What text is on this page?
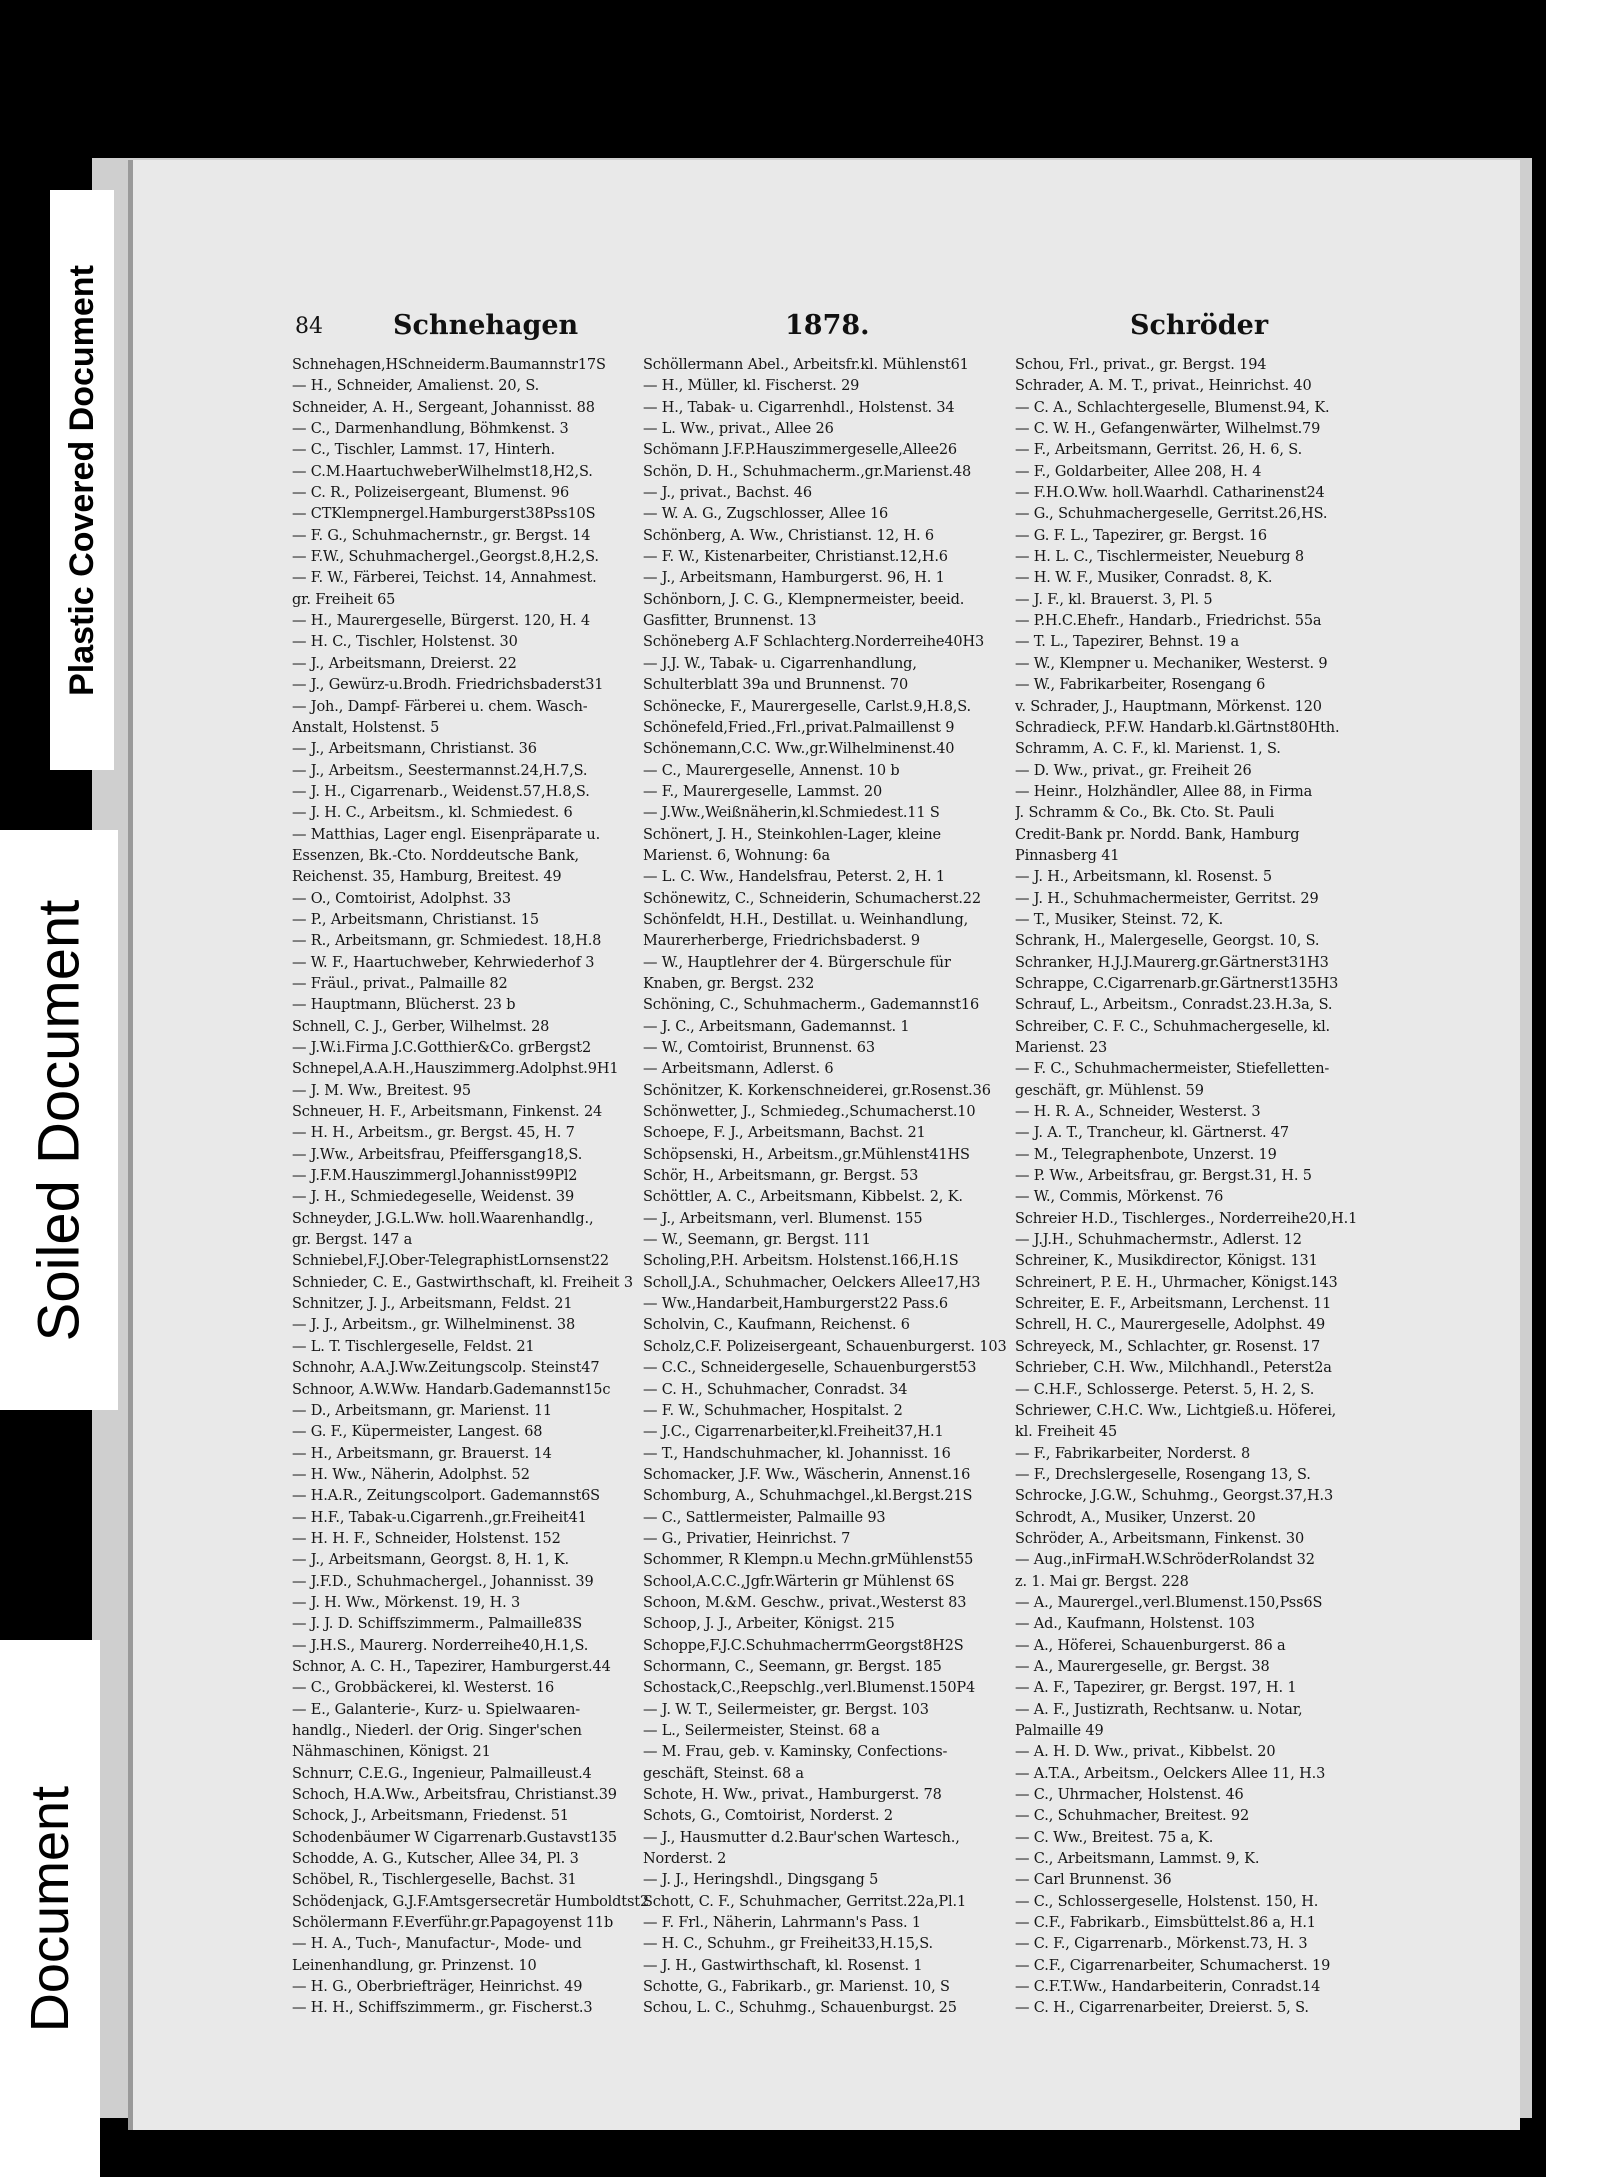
Plastic Covered Document
Soiled Document
Document
84	Schnehagen	1878.	Schröder
Schnehagen,HSchneiderm.Baumannstr17S
— H., Schneider, Amalienst. 20, S.
Schneider, A. H., Sergeant, Johannisst. 88
— C., Darmenhandlung, Böhmkenst. 3
— C., Tischler, Lammst. 17, Hinterh.
— C.M.HaartuchweberWilhelmst18,H2,S.
— C. R., Polizeisergeant, Blumenst. 96
— CTKlempnergel.Hamburgerst38Pss10S
— F. G., Schuhmachernstr., gr. Bergst. 14
— F.W., Schuhmachergel.,Georgst.8,H.2,S.
— F. W., Färberei, Teichst. 14, Annahmest.
gr. Freiheit 65
— H., Maurergeselle, Bürgerst. 120, H. 4
— H. C., Tischler, Holstenst. 30
— J., Arbeitsmann, Dreierst. 22
— J., Gewürz-u.Brodh. Friedrichsbaderst31
— Joh., Dampf- Färberei u. chem. Wasch-
Anstalt, Holstenst. 5
— J., Arbeitsmann, Christianst. 36
— J., Arbeitsm., Seestermannst.24,H.7,S.
— J. H., Cigarrenarb., Weidenst.57,H.8,S.
— J. H. C., Arbeitsm., kl. Schmiedest. 6
— Matthias, Lager engl. Eisenpräparate u.
Essenzen, Bk.-Cto. Norddeutsche Bank,
Reichenst. 35, Hamburg, Breitest. 49
— O., Comtoirist, Adolphst. 33
— P., Arbeitsmann, Christianst. 15
— R., Arbeitsmann, gr. Schmiedest. 18,H.8
— W. F., Haartuchweber, Kehrwiederhof 3
— Fräul., privat., Palmaille 82
— Hauptmann, Blücherst. 23 b
Schnell, C. J., Gerber, Wilhelmst. 28
— J.W.i.Firma J.C.Gotthier&Co. grBergst2
Schnepel,A.A.H.,Hauszimmerg.Adolphst.9H1
— J. M. Ww., Breitest. 95
Schneuer, H. F., Arbeitsmann, Finkenst. 24
— H. H., Arbeitsm., gr. Bergst. 45, H. 7
— J.Ww., Arbeitsfrau, Pfeiffersgang18,S.
— J.F.M.Hauszimmergl.Johannisst99Pl2
— J. H., Schmiedegeselle, Weidenst. 39
Schneyder, J.G.L.Ww. holl.Waarenhandlg.,
gr. Bergst. 147 a
Schniebel,F.J.Ober-TelegraphistLornsenst22
Schnieder, C. E., Gastwirthschaft, kl. Freiheit 3
Schnitzer, J. J., Arbeitsmann, Feldst. 21
— J. J., Arbeitsm., gr. Wilhelminenst. 38
— L. T. Tischlergeselle, Feldst. 21
Schnohr, A.A.J.Ww.Zeitungscolp. Steinst47
Schnoor, A.W.Ww. Handarb.Gademannst15c
— D., Arbeitsmann, gr. Marienst. 11
— G. F., Küpermeister, Langest. 68
— H., Arbeitsmann, gr. Brauerst. 14
— H. Ww., Näherin, Adolphst. 52
— H.A.R., Zeitungscolport. Gademannst6S
— H.F., Tabak-u.Cigarrenh.,gr.Freiheit41
— H. H. F., Schneider, Holstenst. 152
— J., Arbeitsmann, Georgst. 8, H. 1, K.
— J.F.D., Schuhmachergel., Johannisst. 39
— J. H. Ww., Mörkenst. 19, H. 3
— J. J. D. Schiffszimmerm., Palmaille83S
— J.H.S., Maurerg. Norderreihe40,H.1,S.
Schnor, A. C. H., Tapezirer, Hamburgerst.44
— C., Grobbäckerei, kl. Westerst. 16
— E., Galanterie-, Kurz- u. Spielwaaren-
handlg., Niederl. der Orig. Singer'schen
Nähmaschinen, Königst. 21
Schnurr, C.E.G., Ingenieur, Palmailleust.4
Schoch, H.A.Ww., Arbeitsfrau, Christianst.39
Schock, J., Arbeitsmann, Friedenst. 51
Schodenbäumer W Cigarrenarb.Gustavst135
Schodde, A. G., Kutscher, Allee 34, Pl. 3
Schöbel, R., Tischlergeselle, Bachst. 31
Schödenjack, G.J.F.Amtsgersecretär Humboldtst2
Schölermann F.Everführ.gr.Papagoyenst 11b
— H. A., Tuch-, Manufactur-, Mode- und
Leinenhandlung, gr. Prinzenst. 10
— H. G., Oberbriefträger, Heinrichst. 49
— H. H., Schiffszimmerm., gr. Fischerst.3
Schöllermann Abel., Arbeitsfr.kl. Mühlenst61
— H., Müller, kl. Fischerst. 29
— H., Tabak- u. Cigarrenhdl., Holstenst. 34
— L. Ww., privat., Allee 26
Schömann J.F.P.Hauszimmergeselle,Allee26
Schön, D. H., Schuhmacherm.,gr.Marienst.48
— J., privat., Bachst. 46
— W. A. G., Zugschlosser, Allee 16
Schönberg, A. Ww., Christianst. 12, H. 6
— F. W., Kistenarbeiter, Christianst.12,H.6
— J., Arbeitsmann, Hamburgerst. 96, H. 1
Schönborn, J. C. G., Klempnermeister, beeid.
Gasfitter, Brunnenst. 13
Schöneberg A.F Schlachterg.Norderreihe40H3
— J.J. W., Tabak- u. Cigarrenhandlung,
Schulterblatt 39a und Brunnenst. 70
Schönecke, F., Maurergeselle, Carlst.9,H.8,S.
Schönefeld,Fried.,Frl.,privat.Palmaillenst 9
Schönemann,C.C. Ww.,gr.Wilhelminenst.40
— C., Maurergeselle, Annenst. 10 b
— F., Maurergeselle, Lammst. 20
— J.Ww.,Weißnäherin,kl.Schmiedest.11 S
Schönert, J. H., Steinkohlen-Lager, kleine
Marienst. 6, Wohnung: 6a
— L. C. Ww., Handelsfrau, Peterst. 2, H. 1
Schönewitz, C., Schneiderin, Schumacherst.22
Schönfeldt, H.H., Destillat. u. Weinhandlung,
Maurerherberge, Friedrichsbaderst. 9
— W., Hauptlehrer der 4. Bürgerschule für
Knaben, gr. Bergst. 232
Schöning, C., Schuhmacherm., Gademannst16
— J. C., Arbeitsmann, Gademannst. 1
— W., Comtoirist, Brunnenst. 63
— Arbeitsmann, Adlerst. 6
Schönitzer, K. Korkenschneiderei, gr.Rosenst.36
Schönwetter, J., Schmiedeg.,Schumacherst.10
Schoepe, F. J., Arbeitsmann, Bachst. 21
Schöpsenski, H., Arbeitsm.,gr.Mühlenst41HS
Schör, H., Arbeitsmann, gr. Bergst. 53
Schöttler, A. C., Arbeitsmann, Kibbelst. 2, K.
— J., Arbeitsmann, verl. Blumenst. 155
— W., Seemann, gr. Bergst. 111
Scholing,P.H. Arbeitsm. Holstenst.166,H.1S
Scholl,J.A., Schuhmacher, Oelckers Allee17,H3
— Ww.,Handarbeit,Hamburgerst22 Pass.6
Scholvin, C., Kaufmann, Reichenst. 6
Scholz,C.F. Polizeisergeant, Schauenburgerst. 103
— C.C., Schneidergeselle, Schauenburgerst53
— C. H., Schuhmacher, Conradst. 34
— F. W., Schuhmacher, Hospitalst. 2
— J.C., Cigarrenarbeiter,kl.Freiheit37,H.1
— T., Handschuhmacher, kl. Johannisst. 16
Schomacker, J.F. Ww., Wäscherin, Annenst.16
Schomburg, A., Schuhmachgel.,kl.Bergst.21S
— C., Sattlermeister, Palmaille 93
— G., Privatier, Heinrichst. 7
Schommer, R Klempn.u Mechn.grMühlenst55
School,A.C.C.,Jgfr.Wärterin gr Mühlenst 6S
Schoon, M.&M. Geschw., privat.,Westerst 83
Schoop, J. J., Arbeiter, Königst. 215
Schoppe,F.J.C.SchuhmacherrmGeorgst8H2S
Schormann, C., Seemann, gr. Bergst. 185
Schostack,C.,Reepschlg.,verl.Blumenst.150P4
— J. W. T., Seilermeister, gr. Bergst. 103
— L., Seilermeister, Steinst. 68 a
— M. Frau, geb. v. Kaminsky, Confections-
geschäft, Steinst. 68 a
Schote, H. Ww., privat., Hamburgerst. 78
Schots, G., Comtoirist, Norderst. 2
— J., Hausmutter d.2.Baur'schen Wartesch.,
Norderst. 2
— J. J., Heringshdl., Dingsgang 5
Schott, C. F., Schuhmacher, Gerritst.22a,Pl.1
— F. Frl., Näherin, Lahrmann's Pass. 1
— H. C., Schuhm., gr Freiheit33,H.15,S.
— J. H., Gastwirthschaft, kl. Rosenst. 1
Schotte, G., Fabrikarb., gr. Marienst. 10, S
Schou, L. C., Schuhmg., Schauenburgst. 25
Schou, Frl., privat., gr. Bergst. 194
Schrader, A. M. T., privat., Heinrichst. 40
— C. A., Schlachtergeselle, Blumenst.94, K.
— C. W. H., Gefangenwärter, Wilhelmst.79
— F., Arbeitsmann, Gerritst. 26, H. 6, S.
— F., Goldarbeiter, Allee 208, H. 4
— F.H.O.Ww. holl.Waarhdl. Catharinenst24
— G., Schuhmachergeselle, Gerritst.26,HS.
— G. F. L., Tapezirer, gr. Bergst. 16
— H. L. C., Tischlermeister, Neueburg 8
— H. W. F., Musiker, Conradst. 8, K.
— J. F., kl. Brauerst. 3, Pl. 5
— P.H.C.Ehefr., Handarb., Friedrichst. 55a
— T. L., Tapezirer, Behnst. 19 a
— W., Klempner u. Mechaniker, Westerst. 9
— W., Fabrikarbeiter, Rosengang 6
v. Schrader, J., Hauptmann, Mörkenst. 120
Schradieck, P.F.W. Handarb.kl.Gärtnst80Hth.
Schramm, A. C. F., kl. Marienst. 1, S.
— D. Ww., privat., gr. Freiheit 26
— Heinr., Holzhändler, Allee 88, in Firma
J. Schramm & Co., Bk. Cto. St. Pauli
Credit-Bank pr. Nordd. Bank, Hamburg
Pinnasberg 41
— J. H., Arbeitsmann, kl. Rosenst. 5
— J. H., Schuhmachermeister, Gerritst. 29
— T., Musiker, Steinst. 72, K.
Schrank, H., Malergeselle, Georgst. 10, S.
Schranker, H.J.J.Maurerg.gr.Gärtnerst31H3
Schrappe, C.Cigarrenarb.gr.Gärtnerst135H3
Schrauf, L., Arbeitsm., Conradst.23.H.3a, S.
Schreiber, C. F. C., Schuhmachergeselle, kl.
Marienst. 23
— F. C., Schuhmachermeister, Stiefelletten-
geschäft, gr. Mühlenst. 59
— H. R. A., Schneider, Westerst. 3
— J. A. T., Trancheur, kl. Gärtnerst. 47
— M., Telegraphenbote, Unzerst. 19
— P. Ww., Arbeitsfrau, gr. Bergst.31, H. 5
— W., Commis, Mörkenst. 76
Schreier H.D., Tischlerges., Norderreihe20,H.1
— J.J.H., Schuhmachermstr., Adlerst. 12
Schreiner, K., Musikdirector, Königst. 131
Schreinert, P. E. H., Uhrmacher, Königst.143
Schreiter, E. F., Arbeitsmann, Lerchenst. 11
Schrell, H. C., Maurergeselle, Adolphst. 49
Schreyeck, M., Schlachter, gr. Rosenst. 17
Schrieber, C.H. Ww., Milchhandl., Peterst2a
— C.H.F., Schlosserge. Peterst. 5, H. 2, S.
Schriewer, C.H.C. Ww., Lichtgieß.u. Höferei,
kl. Freiheit 45
— F., Fabrikarbeiter, Norderst. 8
— F., Drechslergeselle, Rosengang 13, S.
Schrocke, J.G.W., Schuhmg., Georgst.37,H.3
Schrodt, A., Musiker, Unzerst. 20
Schröder, A., Arbeitsmann, Finkenst. 30
— Aug.,inFirmaH.W.SchröderRolandst 32
z. 1. Mai gr. Bergst. 228
— A., Maurergel.,verl.Blumenst.150,Pss6S
— Ad., Kaufmann, Holstenst. 103
— A., Höferei, Schauenburgerst. 86 a
— A., Maurergeselle, gr. Bergst. 38
— A. F., Tapezirer, gr. Bergst. 197, H. 1
— A. F., Justizrath, Rechtsanw. u. Notar,
Palmaille 49
— A. H. D. Ww., privat., Kibbelst. 20
— A.T.A., Arbeitsm., Oelckers Allee 11, H.3
— C., Uhrmacher, Holstenst. 46
— C., Schuhmacher, Breitest. 92
— C. Ww., Breitest. 75 a, K.
— C., Arbeitsmann, Lammst. 9, K.
— Carl Brunnenst. 36
— C., Schlossergeselle, Holstenst. 150, H.
— C.F., Fabrikarb., Eimsbüttelst.86 a, H.1
— C. F., Cigarrenarb., Mörkenst.73, H. 3
— C.F., Cigarrenarbeiter, Schumacherst. 19
— C.F.T.Ww., Handarbeiterin, Conradst.14
— C. H., Cigarrenarbeiter, Dreierst. 5, S.
